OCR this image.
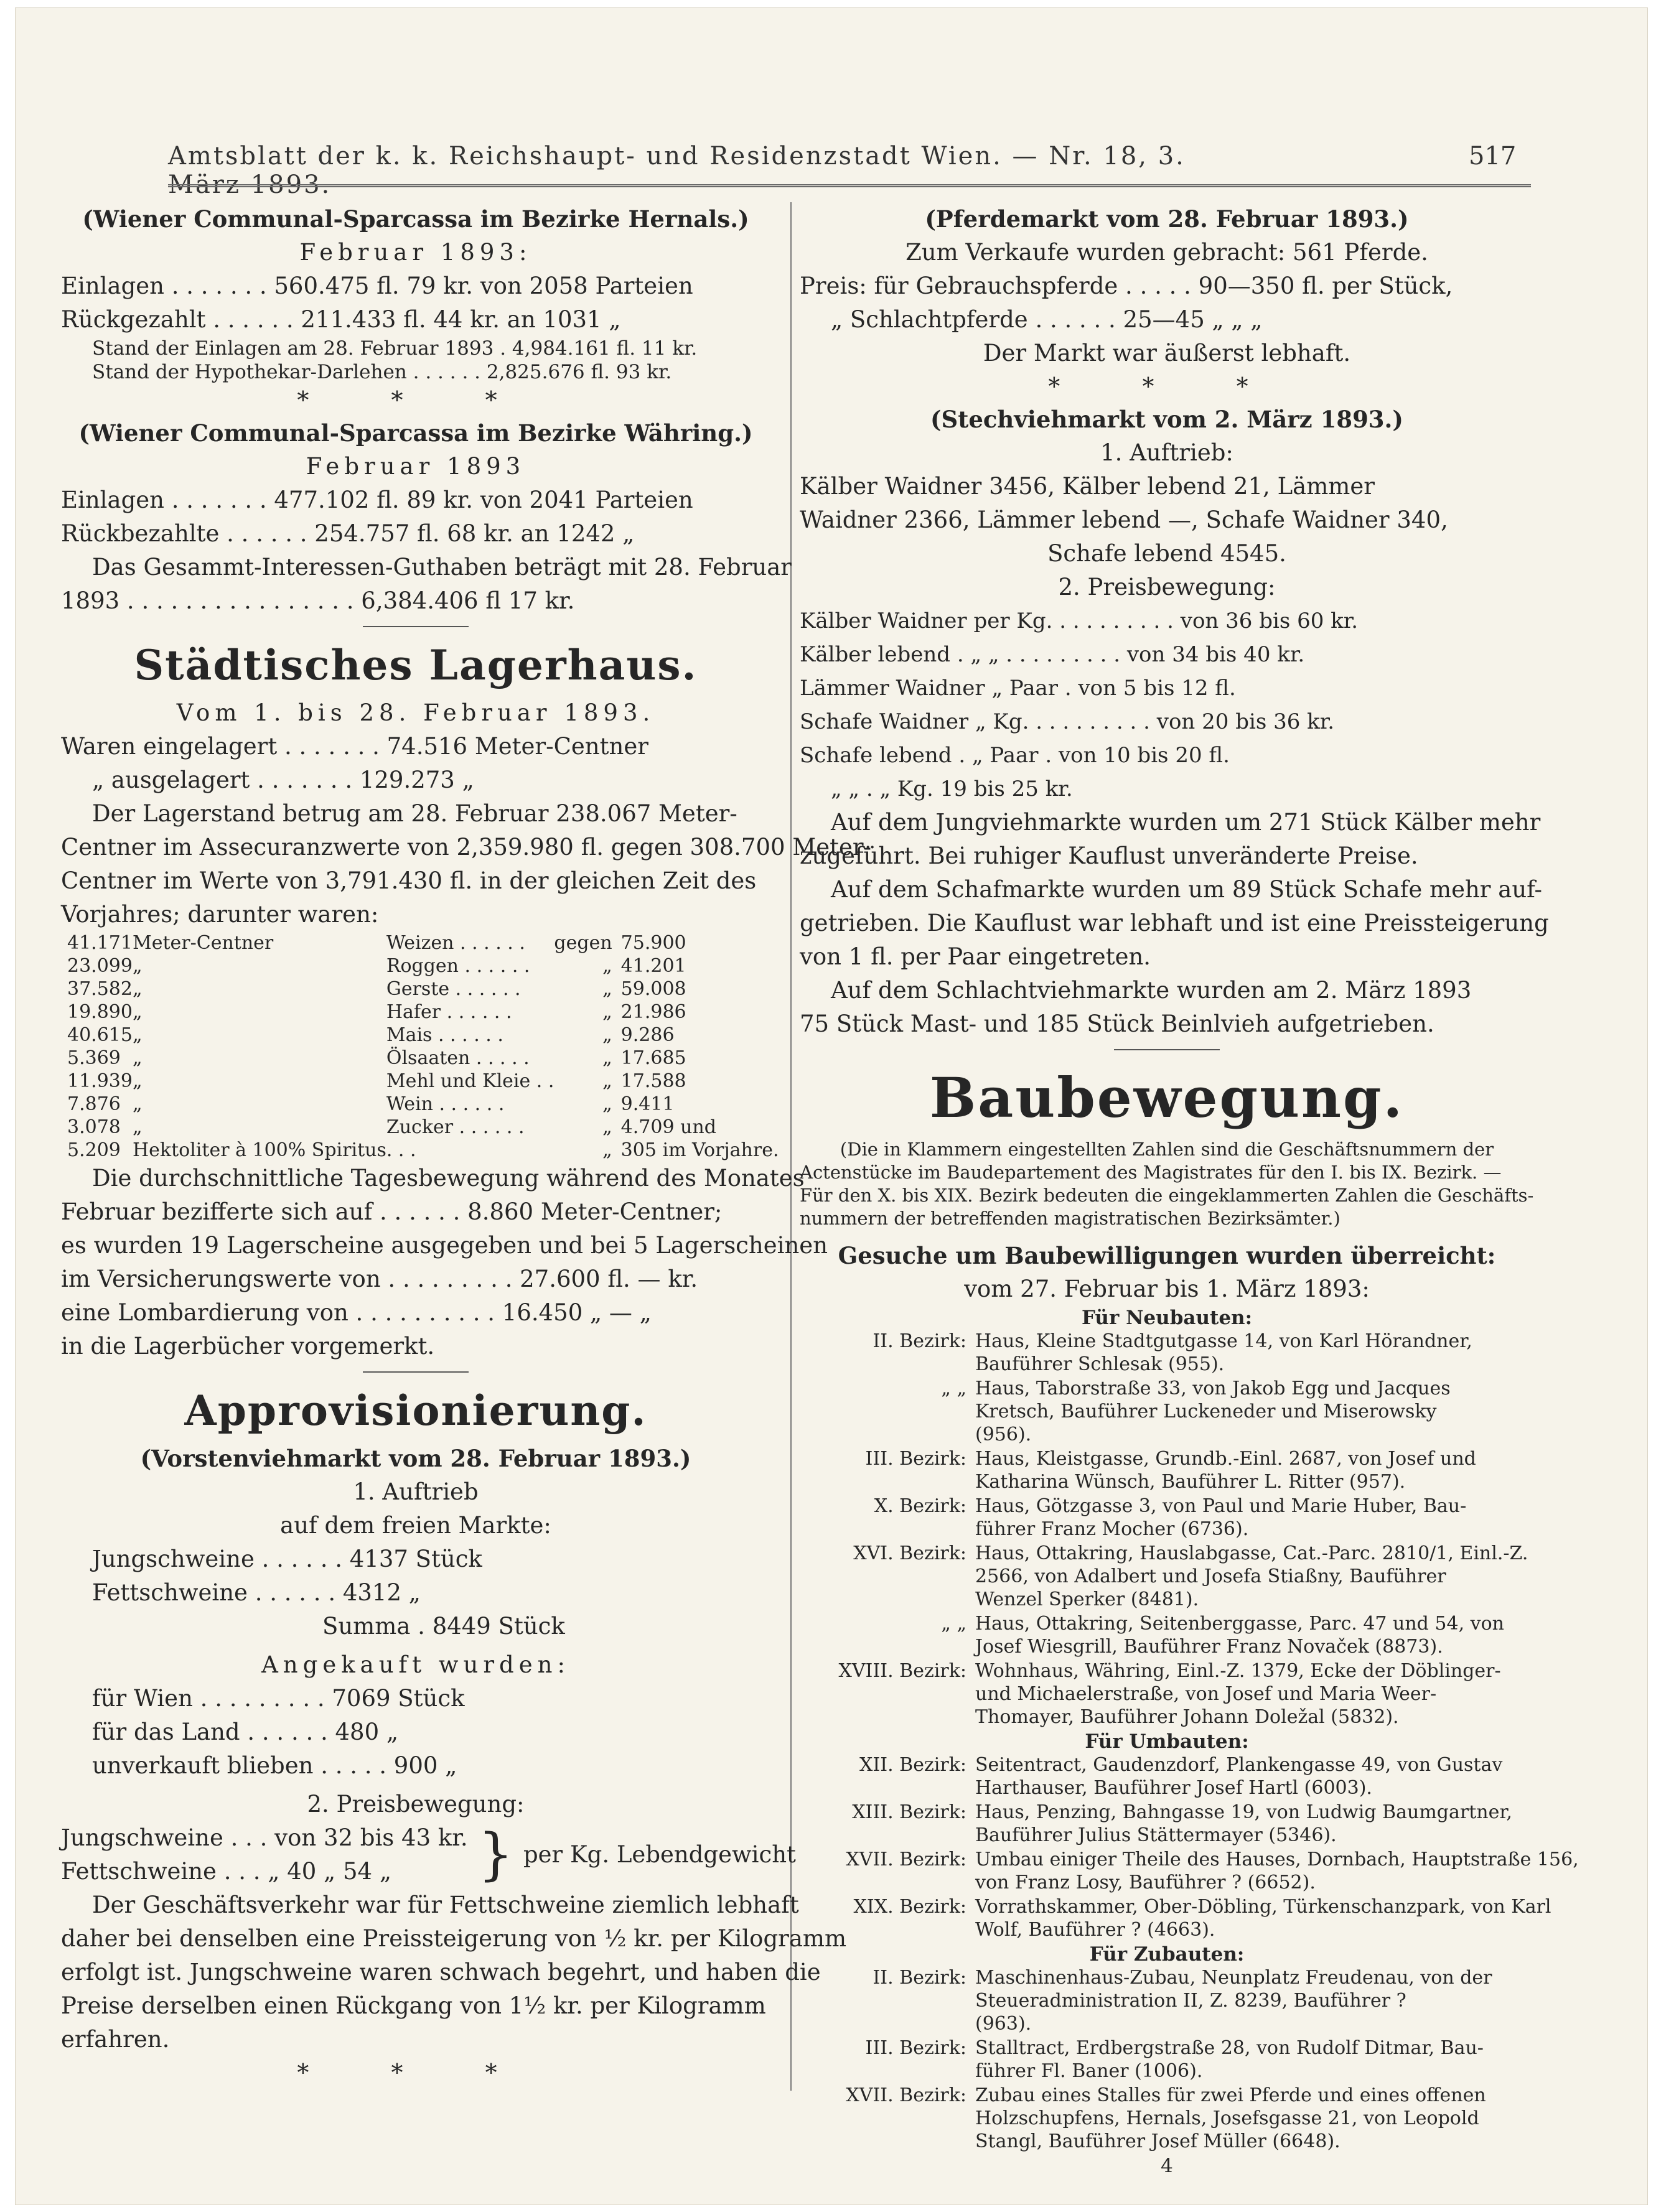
Amtsblatt der k. k. Reichshaupt- und Residenzstadt Wien. — Nr. 18, 3. März 1893.
517
(Wiener Communal-Sparcassa im Bezirke Hernals.)
Februar 1893:
Einlagen . . . . . . . 560.475 fl. 79 kr. von 2058 Parteien
Rückgezahlt . . . . . . 211.433 fl. 44 kr. an 1031 „
Stand der Einlagen am 28. Februar 1893 . 4,984.161 fl. 11 kr.
Stand der Hypothekar-Darlehen . . . . . . 2,825.676 fl. 93 kr.
* * *
(Wiener Communal-Sparcassa im Bezirke Währing.)
Februar 1893
Einlagen . . . . . . . 477.102 fl. 89 kr. von 2041 Parteien
Rückbezahlte . . . . . . 254.757 fl. 68 kr. an 1242 „
Das Gesammt-Interessen-Guthaben beträgt mit 28. Februar
1893 . . . . . . . . . . . . . . . . 6,384.406 fl 17 kr.
Städtisches Lagerhaus.
Vom 1. bis 28. Februar 1893.
Waren eingelagert . . . . . . . 74.516 Meter-Centner
„ ausgelagert . . . . . . . 129.273 „
Der Lagerstand betrug am 28. Februar 238.067 Meter-
Centner im Assecuranzwerte von 2,359.980 fl. gegen 308.700 Meter-
Centner im Werte von 3,791.430 fl. in der gleichen Zeit des
Vorjahres; darunter waren:
41.171	Meter-Centner	Weizen . . . . . .	gegen	75.900
23.099	„	Roggen . . . . . .	„	41.201
37.582	„	Gerste . . . . . .	„	59.008
19.890	„	Hafer . . . . . .	„	21.986
40.615	„	Mais . . . . . .	„	9.286
5.369	„	Ölsaaten . . . . .	„	17.685
11.939	„	Mehl und Kleie . .	„	17.588
7.876	„	Wein . . . . . .	„	9.411
3.078	„	Zucker . . . . . .	„	4.709 und
5.209	Hektoliter à 100% Spiritus	. . .	„	305 im Vorjahre.
Die durchschnittliche Tagesbewegung während des Monates
Februar bezifferte sich auf . . . . . . 8.860 Meter-Centner;
es wurden 19 Lagerscheine ausgegeben und bei 5 Lagerscheinen
im Versicherungswerte von . . . . . . . . . 27.600 fl. — kr.
eine Lombardierung von . . . . . . . . . . 16.450 „ — „
in die Lagerbücher vorgemerkt.
Approvisionierung.
(Vorstenviehmarkt vom 28. Februar 1893.)
1. Auftrieb
auf dem freien Markte:
Jungschweine . . . . . . 4137 Stück
Fettschweine . . . . . . 4312 „
Summa . 8449 Stück
Angekauft wurden:
für Wien . . . . . . . . . 7069 Stück
für das Land . . . . . . 480 „
unverkauft blieben . . . . . 900 „
2. Preisbewegung:
Jungschweine . . . von 32 bis 43 kr.
Fettschweine . . . „ 40 „ 54 „	} per Kg. Lebendgewicht
Der Geschäftsverkehr war für Fettschweine ziemlich lebhaft
daher bei denselben eine Preissteigerung von ½ kr. per Kilogramm
erfolgt ist. Jungschweine waren schwach begehrt, und haben die
Preise derselben einen Rückgang von 1½ kr. per Kilogramm
erfahren.
* * *
(Pferdemarkt vom 28. Februar 1893.)
Zum Verkaufe wurden gebracht: 561 Pferde.
Preis: für Gebrauchspferde . . . . . 90—350 fl. per Stück,
„ Schlachtpferde . . . . . . 25—45 „ „ „
Der Markt war äußerst lebhaft.
* * *
(Stechviehmarkt vom 2. März 1893.)
1. Auftrieb:
Kälber Waidner 3456, Kälber lebend 21, Lämmer
Waidner 2366, Lämmer lebend —, Schafe Waidner 340,
Schafe lebend 4545.
2. Preisbewegung:
Kälber Waidner per Kg. . . . . . . . . . von 36 bis 60 kr.
Kälber lebend . „ „ . . . . . . . . . von 34 bis 40 kr.
Lämmer Waidner „ Paar . von 5 bis 12 fl.
Schafe Waidner „ Kg. . . . . . . . . . von 20 bis 36 kr.
Schafe lebend . „ Paar . von 10 bis 20 fl.
„ „ . „ Kg. 19 bis 25 kr.
Auf dem Jungviehmarkte wurden um 271 Stück Kälber mehr
zugeführt. Bei ruhiger Kauflust unveränderte Preise.
Auf dem Schafmarkte wurden um 89 Stück Schafe mehr auf-
getrieben. Die Kauflust war lebhaft und ist eine Preissteigerung
von 1 fl. per Paar eingetreten.
Auf dem Schlachtviehmarkte wurden am 2. März 1893
75 Stück Mast- und 185 Stück Beinlvieh aufgetrieben.
Baubewegung.
(Die in Klammern eingestellten Zahlen sind die Geschäftsnummern der
Actenstücke im Baudepartement des Magistrates für den I. bis IX. Bezirk. —
Für den X. bis XIX. Bezirk bedeuten die eingeklammerten Zahlen die Geschäfts-
nummern der betreffenden magistratischen Bezirksämter.)
Gesuche um Baubewilligungen wurden überreicht:
vom 27. Februar bis 1. März 1893:
Für Neubauten:
II. Bezirk: Haus, Kleine Stadtgutgasse 14, von Karl Hörandner,
Bauführer Schlesak (955).
„ „ Haus, Taborstraße 33, von Jakob Egg und Jacques
Kretsch, Bauführer Luckeneder und Miserowsky
(956).
III. Bezirk: Haus, Kleistgasse, Grundb.-Einl. 2687, von Josef und
Katharina Wünsch, Bauführer L. Ritter (957).
X. Bezirk: Haus, Götzgasse 3, von Paul und Marie Huber, Bau-
führer Franz Mocher (6736).
XVI. Bezirk: Haus, Ottakring, Hauslabgasse, Cat.-Parc. 2810/1, Einl.-Z.
2566, von Adalbert und Josefa Stiaßny, Bauführer
Wenzel Sperker (8481).
„ „ Haus, Ottakring, Seitenberggasse, Parc. 47 und 54, von
Josef Wiesgrill, Bauführer Franz Novaček (8873).
XVIII. Bezirk: Wohnhaus, Währing, Einl.-Z. 1379, Ecke der Döblinger-
und Michaelerstraße, von Josef und Maria Weer-
Thomayer, Bauführer Johann Doležal (5832).
Für Umbauten:
XII. Bezirk: Seitentract, Gaudenzdorf, Plankengasse 49, von Gustav
Harthauser, Bauführer Josef Hartl (6003).
XIII. Bezirk: Haus, Penzing, Bahngasse 19, von Ludwig Baumgartner,
Bauführer Julius Stättermayer (5346).
XVII. Bezirk: Umbau einiger Theile des Hauses, Dornbach, Hauptstraße 156,
von Franz Losy, Bauführer ? (6652).
XIX. Bezirk: Vorrathskammer, Ober-Döbling, Türkenschanzpark, von Karl
Wolf, Bauführer ? (4663).
Für Zubauten:
II. Bezirk: Maschinenhaus-Zubau, Neunplatz Freudenau, von der
Steueradministration II, Z. 8239, Bauführer ?
(963).
III. Bezirk: Stalltract, Erdbergstraße 28, von Rudolf Ditmar, Bau-
führer Fl. Baner (1006).
XVII. Bezirk: Zubau eines Stalles für zwei Pferde und eines offenen
Holzschupfens, Hernals, Josefsgasse 21, von Leopold
Stangl, Bauführer Josef Müller (6648).
4
